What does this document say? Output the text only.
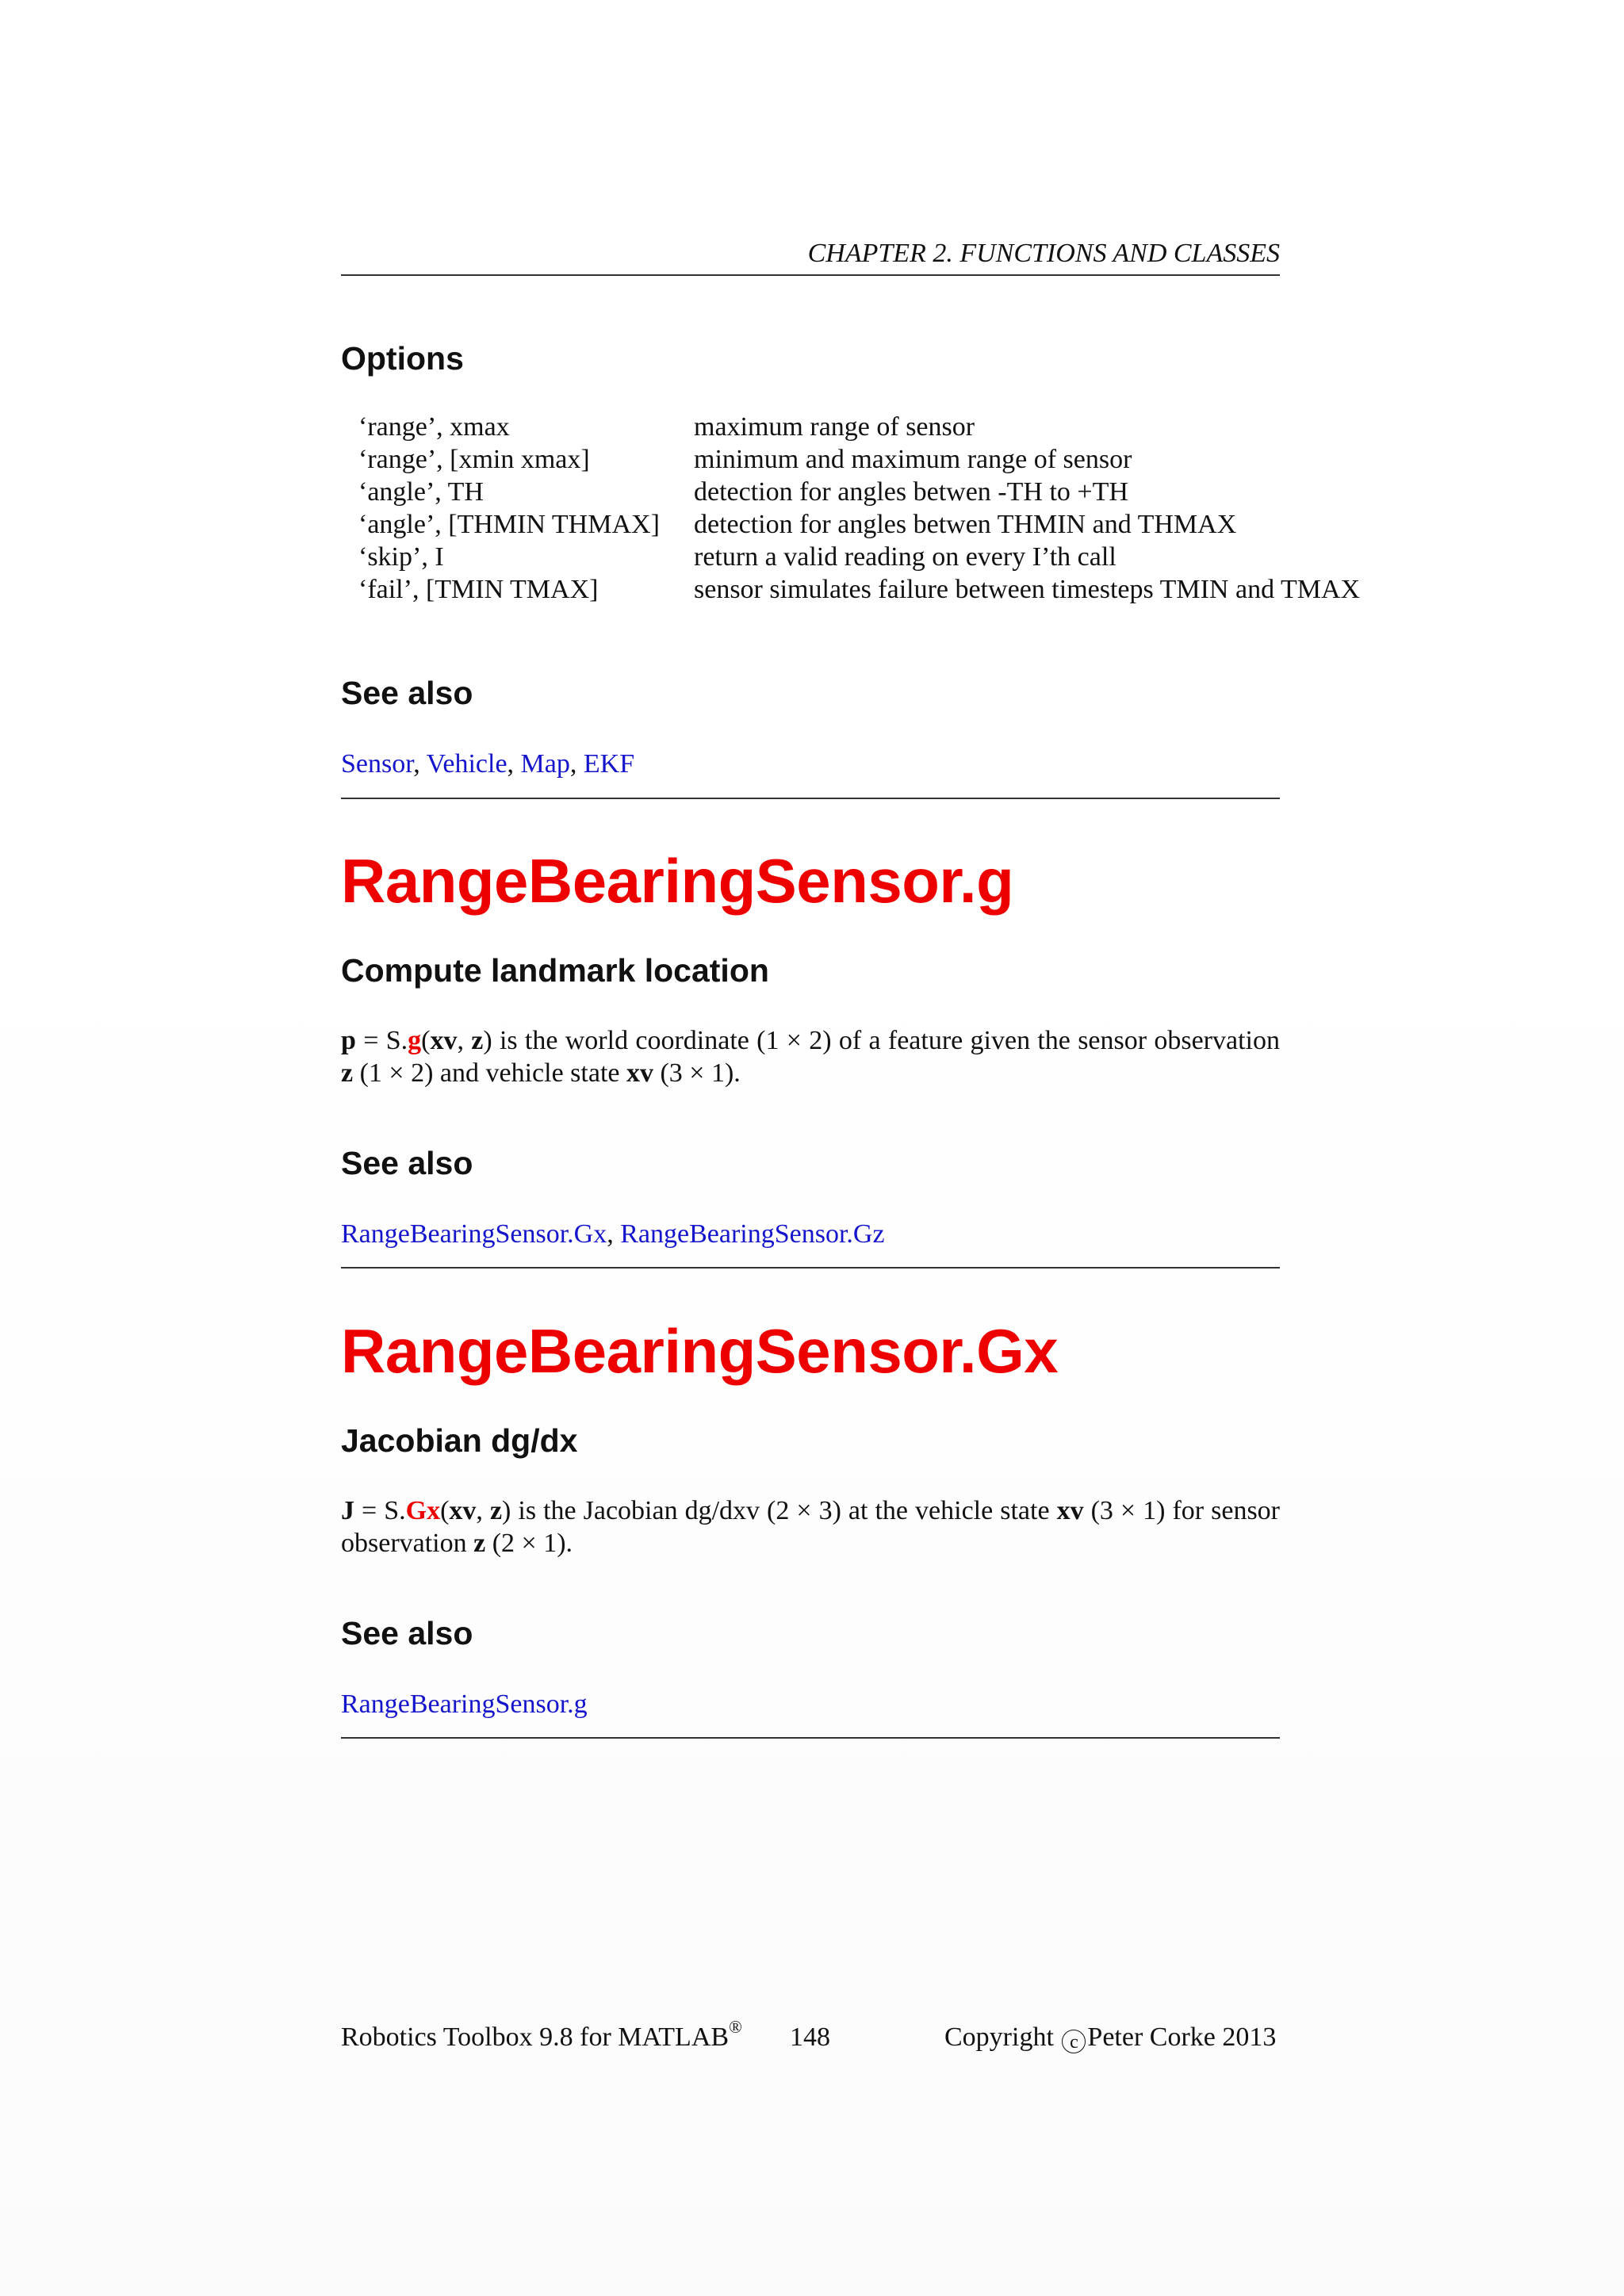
CHAPTER 2. FUNCTIONS AND CLASSES
Options
‘range’, xmax	maximum range of sensor
‘range’, [xmin xmax]	minimum and maximum range of sensor
‘angle’, TH	detection for angles betwen -TH to +TH
‘angle’, [THMIN THMAX]	detection for angles betwen THMIN and THMAX
‘skip’, I	return a valid reading on every I’th call
‘fail’, [TMIN TMAX]	sensor simulates failure between timesteps TMIN and TMAX
See also
Sensor, Vehicle, Map, EKF
RangeBearingSensor.g
Compute landmark location
p = S.g(xv, z) is the world coordinate (1 × 2) of a feature given the sensor observation z (1 × 2) and vehicle state xv (3 × 1).
See also
RangeBearingSensor.Gx, RangeBearingSensor.Gz
RangeBearingSensor.Gx
Jacobian dg/dx
J = S.Gx(xv, z) is the Jacobian dg/dxv (2 × 3) at the vehicle state xv (3 × 1) for sensor observation z (2 × 1).
See also
RangeBearingSensor.g
Robotics Toolbox 9.8 for MATLAB® 148	Copyright c Peter Corke 2013
